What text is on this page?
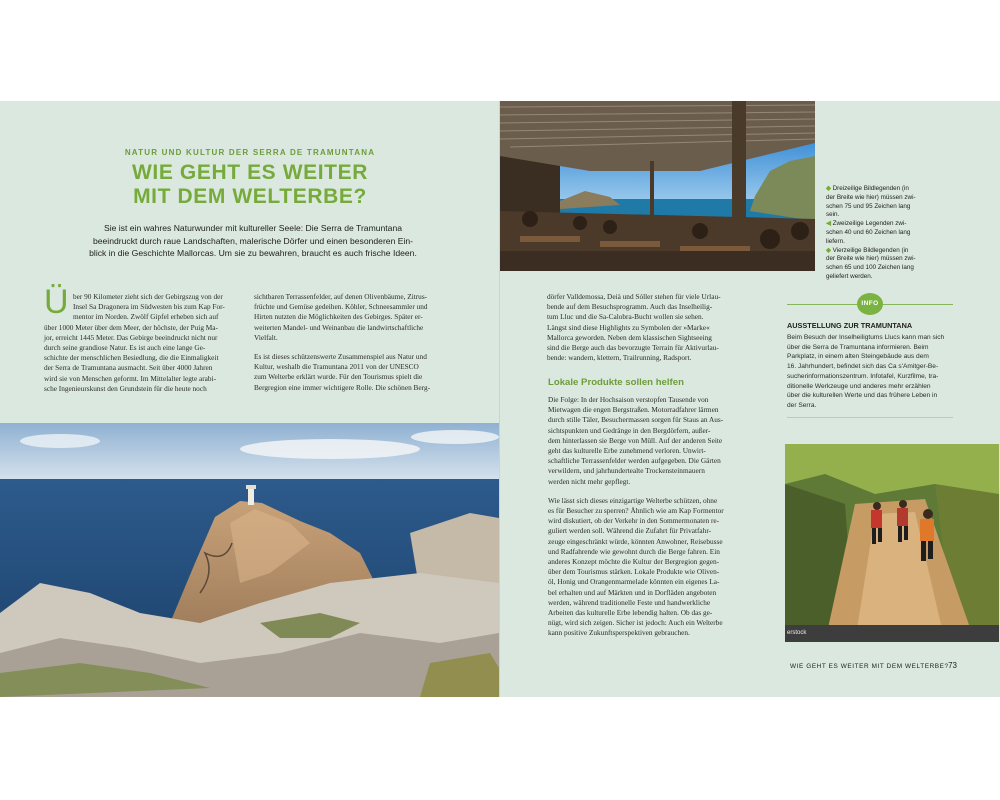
NATUR UND KULTUR DER SERRA DE TRAMUNTANA
WIE GEHT ES WEITER
MIT DEM WELTERBE?
Sie ist ein wahres Naturwunder mit kultureller Seele: Die Serra de Tramuntana
beeindruckt durch raue Landschaften, malerische Dörfer und einen besonderen Ein-
blick in die Geschichte Mallorcas. Um sie zu bewahren, braucht es auch frische Ideen.
Ü ber 90 Kilometer zieht sich der Gebirgszug von der
Insel Sa Dragonera im Südwesten bis zum Kap For-
mentor im Norden. Zwölf Gipfel erheben sich auf
über 1000 Meter über dem Meer, der höchste, der Puig Ma-
jor, erreicht 1445 Meter. Das Gebirge beeindruckt nicht nur
durch seine grandiose Natur. Es ist auch eine lange Ge-
schichte der menschlichen Besiedlung, die die Einmaligkeit
der Serra de Tramuntana ausmacht. Seit über 4000 Jahren
wird sie von Menschen geformt. Im Mittelalter legte arabi-
sche Ingenieurskunst den Grundstein für die heute noch
sichtbaren Terrassenfelder, auf denen Olivenbäume, Zitrus-
früchte und Gemüse gedeihen. Köhler, Schneesammler und
Hirten nutzten die Möglichkeiten des Gebirges. Später er-
weiterten Mandel- und Weinanbau die landwirtschaftliche
Vielfalt.
Es ist dieses schützenswerte Zusammenspiel aus Natur und
Kultur, weshalb die Tramuntana 2011 von der UNESCO
zum Welterbe erklärt wurde. Für den Tourismus spielt die
Bergregion eine immer wichtigere Rolle. Die schönen Berg-
◆ Dreizeilige Bildlegenden (in
der Breite wie hier) müssen zwi-
schen 75 und 95 Zeichen lang
sein.
◀ Zweizeilige Legenden zwi-
schen 40 und 60 Zeichen lang
liefern.
◆ Vierzeilige Bildlegenden (in
der Breite wie hier) müssen zwi-
schen 65 und 100 Zeichen lang
geliefert werden.
dörfer Valldemossa, Deià und Sóller stehen für viele Urlau-
bende auf dem Besuchsprogramm. Auch das Inselheilig-
tum Lluc und die Sa-Calobra-Bucht wollen sie sehen.
Längst sind diese Highlights zu Symbolen der »Marke«
Mallorca geworden. Neben dem klassischen Sightseeing
sind die Berge auch das bevorzugte Terrain für Aktivurlau-
bende: wandern, klettern, Trailrunning, Radsport.
Lokale Produkte sollen helfen
Die Folge: In der Hochsaison verstopfen Tausende von
Mietwagen die engen Bergstraßen. Motorradfahrer lärmen
durch stille Täler, Besuchermassen sorgen für Staus an Aus-
sichtspunkten und Gedränge in den Bergdörfern, außer-
dem hinterlassen sie Berge von Müll. Auf der anderen Seite
geht das kulturelle Erbe zunehmend verloren. Unwirt-
schaftliche Terrassenfelder werden aufgegeben. Die Gärten
verwildern, und jahrhundertealte Trockensteinmauern
werden nicht mehr gepflegt.
Wie lässt sich dieses einzigartige Welterbe schützen, ohne
es für Besucher zu sperren? Ähnlich wie am Kap Formentor
wird diskutiert, ob der Verkehr in den Sommermonaten re-
guliert werden soll. Während die Zufahrt für Privatfahr-
zeuge eingeschränkt würde, könnten Anwohner, Reisebusse
und Radfahrende wie gewohnt durch die Berge fahren. Ein
anderes Konzept möchte die Kultur der Bergregion gegen-
über dem Tourismus stärken. Lokale Produkte wie Oliven-
öl, Honig und Orangenmarmelade könnten ein eigenes La-
bel erhalten und auf Märkten und in Dorfläden angeboten
werden, während traditionelle Feste und handwerkliche
Arbeiten das kulturelle Erbe lebendig halten. Ob das ge-
nügt, wird sich zeigen. Sicher ist jedoch: Auch ein Welterbe
kann positive Zukunftsperspektiven gebrauchen.
INFO
AUSSTELLUNG ZUR TRAMUNTANA
Beim Besuch der Inselheiligtums Llucs kann man sich
über die Serra de Tramuntana informieren. Beim
Parkplatz, in einem alten Steingebäude aus dem
16. Jahrhundert, befindet sich das Ca s'Amitger-Be-
sucherinformationszentrum. Infotafel, Kurzfilme, tra-
ditionelle Werkzeuge und anderes mehr erzählen
über die kulturellen Werte und das frühere Leben in
der Serra.
erstock
WIE GEHT ES WEITER MIT DEM WELTERBE? 73
